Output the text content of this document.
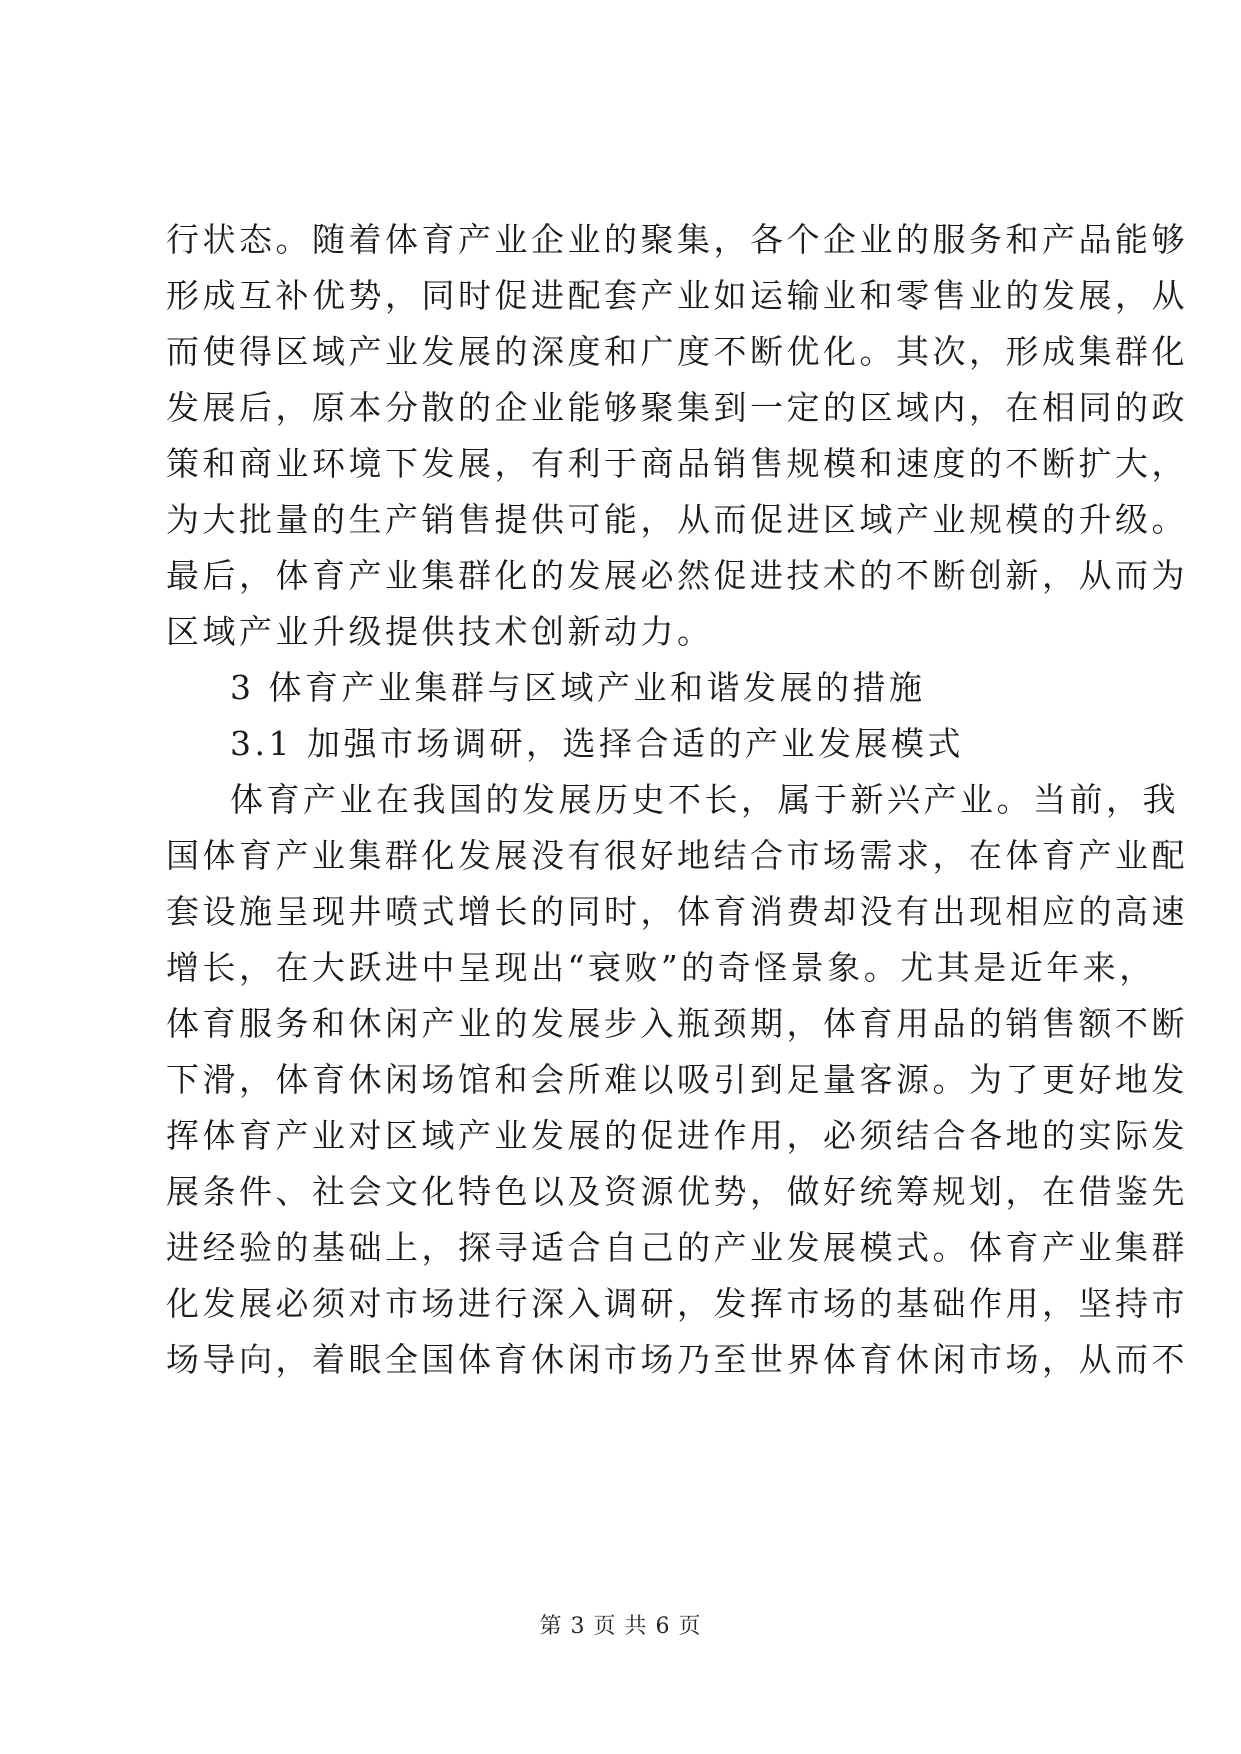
行状态。随着体育产业企业的聚集，各个企业的服务和产品能够
形成互补优势，同时促进配套产业如运输业和零售业的发展，从
而使得区域产业发展的深度和广度不断优化。其次，形成集群化
发展后，原本分散的企业能够聚集到一定的区域内，在相同的政
策和商业环境下发展，有利于商品销售规模和速度的不断扩大，
为大批量的生产销售提供可能，从而促进区域产业规模的升级。
最后，体育产业集群化的发展必然促进技术的不断创新，从而为
区域产业升级提供技术创新动力。
3 体育产业集群与区域产业和谐发展的措施
3.1 加强市场调研，选择合适的产业发展模式
体育产业在我国的发展历史不长，属于新兴产业。当前，我
国体育产业集群化发展没有很好地结合市场需求，在体育产业配
套设施呈现井喷式增长的同时，体育消费却没有出现相应的高速
增长，在大跃进中呈现出“衰败”的奇怪景象。尤其是近年来，
体育服务和休闲产业的发展步入瓶颈期，体育用品的销售额不断
下滑，体育休闲场馆和会所难以吸引到足量客源。为了更好地发
挥体育产业对区域产业发展的促进作用，必须结合各地的实际发
展条件、社会文化特色以及资源优势，做好统筹规划，在借鉴先
进经验的基础上，探寻适合自己的产业发展模式。体育产业集群
化发展必须对市场进行深入调研，发挥市场的基础作用，坚持市
场导向，着眼全国体育休闲市场乃至世界体育休闲市场，从而不
第 3 页 共 6 页
